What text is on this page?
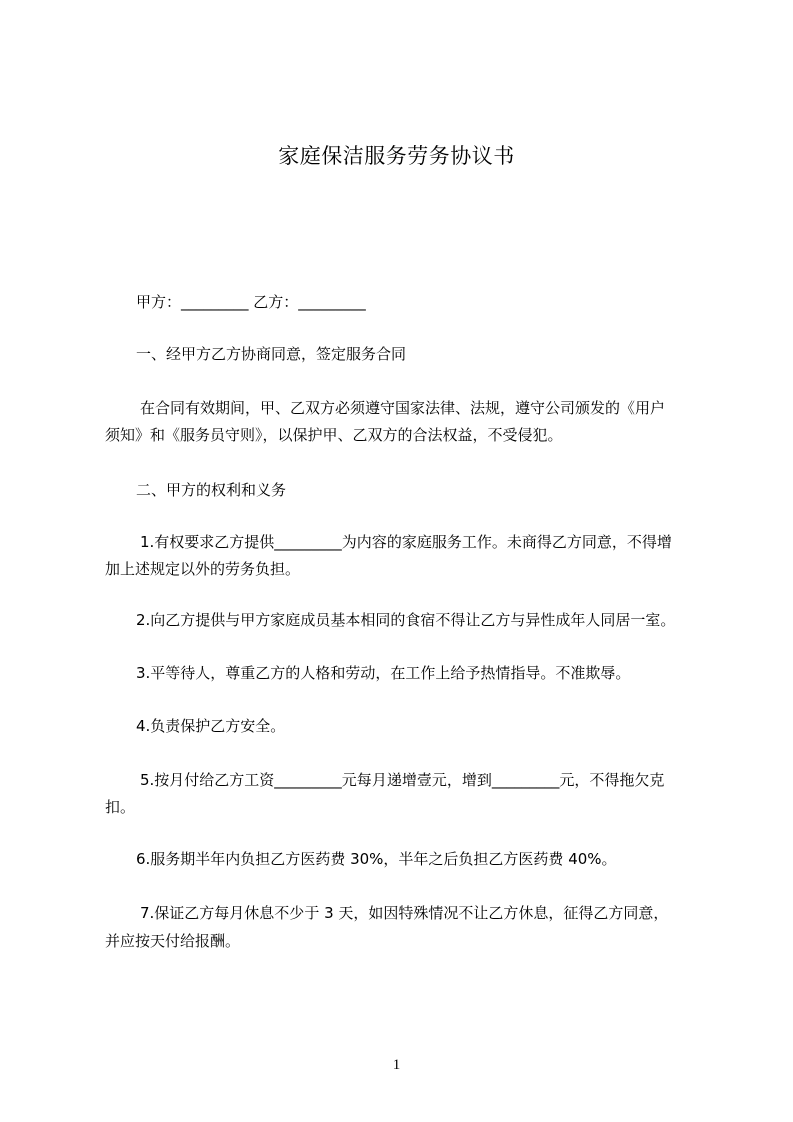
家庭保洁服务劳务协议书
甲方：_________ 乙方：_________
一、经甲方乙方协商同意，签定服务合同
在合同有效期间，甲、乙双方必须遵守国家法律、法规，遵守公司颁发的《用户
须知》和《服务员守则》，以保护甲、乙双方的合法权益，不受侵犯。
二、甲方的权利和义务
1.有权要求乙方提供_________为内容的家庭服务工作。未商得乙方同意，不得增
加上述规定以外的劳务负担。
2.向乙方提供与甲方家庭成员基本相同的食宿不得让乙方与异性成年人同居一室。
3.平等待人，尊重乙方的人格和劳动，在工作上给予热情指导。不准欺辱。
4.负责保护乙方安全。
5.按月付给乙方工资_________元每月递增壹元，增到_________元，不得拖欠克
扣。
6.服务期半年内负担乙方医药费 30%，半年之后负担乙方医药费 40%。
7.保证乙方每月休息不少于 3 天，如因特殊情况不让乙方休息，征得乙方同意，
并应按天付给报酬。
1
